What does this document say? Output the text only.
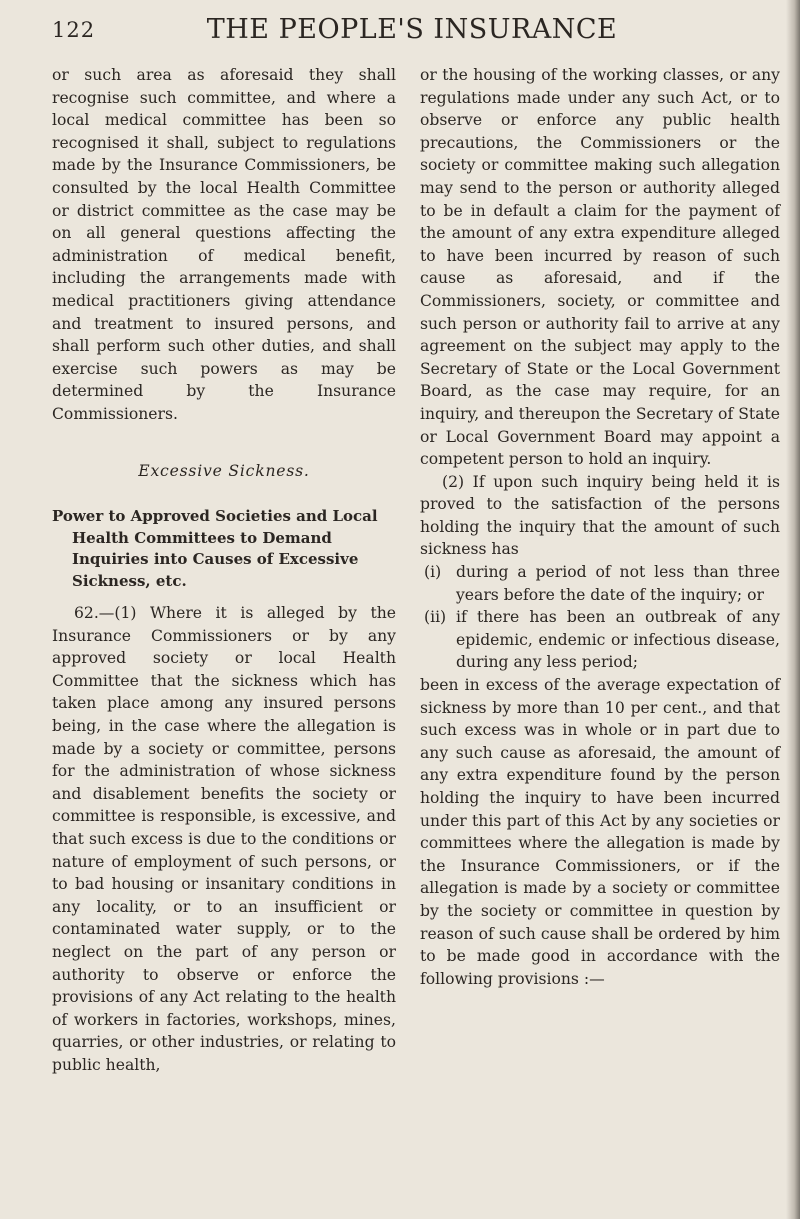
122	THE PEOPLE'S INSURANCE

or such area as aforesaid they shall recognise such committee, and where a local medical committee has been so recognised it shall, subject to regulations made by the Insurance Commissioners, be consulted by the local Health Committee or district committee as the case may be on all general questions affecting the administration of medical benefit, including the arrangements made with medical practitioners giving attendance and treatment to insured persons, and shall perform such other duties, and shall exercise such powers as may be determined by the Insurance Commissioners.

Excessive Sickness.

Power to Approved Societies and Local Health Committees to Demand Inquiries into Causes of Excessive Sickness, etc.

62.—(1) Where it is alleged by the Insurance Commissioners or by any approved society or local Health Committee that the sickness which has taken place among any insured persons being, in the case where the allegation is made by a society or committee, persons for the administration of whose sickness and disablement benefits the society or committee is responsible, is excessive, and that such excess is due to the conditions or nature of employment of such persons, or to bad housing or insanitary conditions in any locality, or to an insufficient or contaminated water supply, or to the neglect on the part of any person or authority to observe or enforce the provisions of any Act relating to the health of workers in factories, workshops, mines, quarries, or other industries, or relating to public health,

or the housing of the working classes, or any regulations made under any such Act, or to observe or enforce any public health precautions, the Commissioners or the society or committee making such allegation may send to the person or authority alleged to be in default a claim for the payment of the amount of any extra expenditure alleged to have been incurred by reason of such cause as aforesaid, and if the Commissioners, society, or committee and such person or authority fail to arrive at any agreement on the subject may apply to the Secretary of State or the Local Government Board, as the case may require, for an inquiry, and thereupon the Secretary of State or Local Government Board may appoint a competent person to hold an inquiry.

(2) If upon such inquiry being held it is proved to the satisfaction of the persons holding the inquiry that the amount of such sickness has

(i) during a period of not less than three years before the date of the inquiry; or
(ii) if there has been an outbreak of any epidemic, endemic or infectious disease, during any less period;

been in excess of the average expectation of sickness by more than 10 per cent., and that such excess was in whole or in part due to any such cause as aforesaid, the amount of any extra expenditure found by the person holding the inquiry to have been incurred under this part of this Act by any societies or committees where the allegation is made by the Insurance Commissioners, or if the allegation is made by a society or committee by the society or committee in question by reason of such cause shall be ordered by him to be made good in accordance with the following provisions :—
